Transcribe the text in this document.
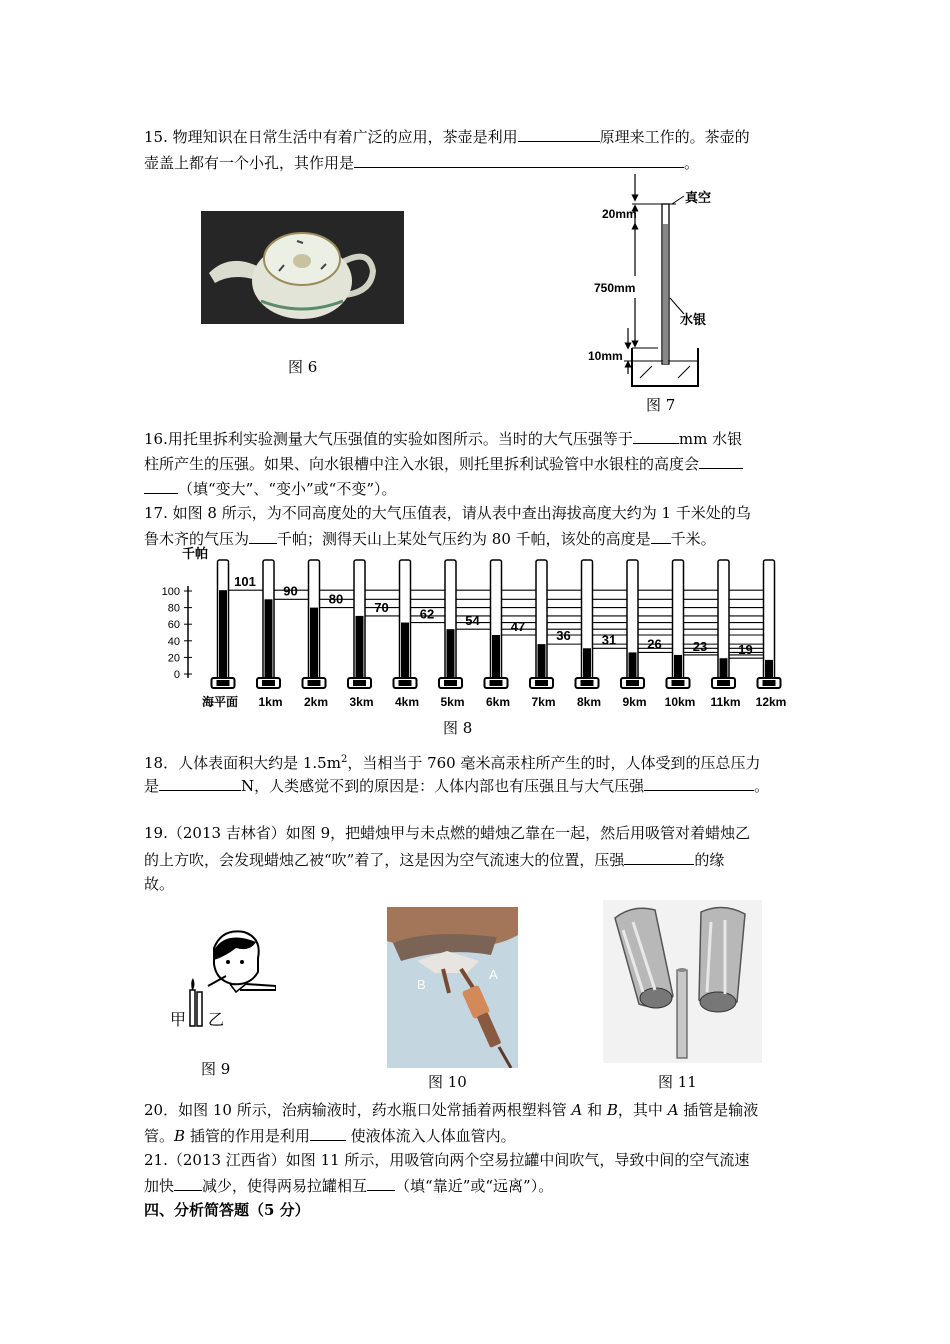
15. 物理知识在日常生活中有着广泛的应用，茶壶是利用	原理来工作的。茶壶的
壶盖上都有一个小孔，其作用是	。
图 6
20mm
750mm
10mm
真空
水银
图 7
16.用托里拆利实验测量大气压强值的实验如图所示。当时的大气压强等于	mm 水银
柱所产生的压强。如果、向水银槽中注入水银，则托里拆利试验管中水银柱的高度会
（填“变大”、“变小”或“不变”）。
17. 如图 8 所示，为不同高度处的大气压值表，请从表中查出海拔高度大约为 1 千米处的乌
鲁木齐的气压为 千帕；测得天山上某处气压约为 80 千帕，该处的高度是 千米。
100
80
60
40
20
0
101
90
80
70 62 54 47
36 31 26 23 19
海平面 1km 2km 3km 4km 5km 6km 7km 8km 9km 10km 11km 12km
千帕
图 8
18．人体表面积大约是 $1.5m^2$，当相当于 760 毫米高汞柱所产生的时，人体受到的压总压力
是	N，人类感觉不到的原因是：人体内部也有压强且与大气压强	。
19.（2013 吉林省）如图 9，把蜡烛甲与未点燃的蜡烛乙靠在一起，然后用吸管对着蜡烛乙
的上方吹，会发现蜡烛乙被“吹”着了，这是因为空气流速大的位置，压强	的缘
故。
甲 乙
图 9
B
A
图 10	图 11
20．如图 10 所示，治病输液时，药水瓶口处常插着两根塑料管 A 和 B，其中 A 插管是输液
管。B 插管的作用是利用 使液体流入人体血管内。
21.（2013 江西省）如图 11 所示，用吸管向两个空易拉罐中间吹气，导致中间的空气流速
加快 减少，使得两易拉罐相互 （填“靠近”或“远离”）。
四、分析简答题（5 分）
